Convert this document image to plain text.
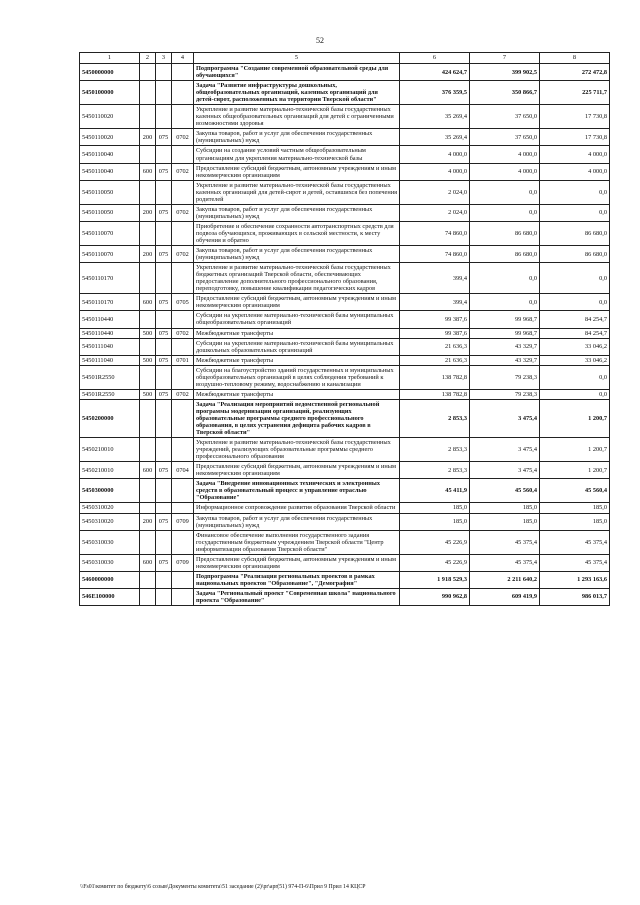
52
1	2	3	4	5	6	7	8
5450000000				Подпрограмма "Создание современной образовательной среды для обучающихся"	424 624,7	399 902,5	272 472,8
5450100000				Задача "Развитие инфраструктуры дошкольных, общеобразовательных организаций, казенных организаций для детей-сирот, расположенных на территории Тверской области"	376 359,5	350 866,7	225 711,7
5450110020				Укрепление и развитие материально-технической базы государственных казенных общеобразовательных организаций для детей с ограниченными возможностями здоровья	35 269,4	37 650,0	17 730,8
5450110020	200	075	0702	Закупка товаров, работ и услуг для обеспечения государственных (муниципальных) нужд	35 269,4	37 650,0	17 730,8
5450110040				Субсидии на создание условий частным общеобразовательным организациям для укрепления материально-технической базы	4 000,0	4 000,0	4 000,0
5450110040	600	075	0702	Предоставление субсидий бюджетным, автономным учреждениям и иным некоммерческим организациям	4 000,0	4 000,0	4 000,0
5450110050				Укрепление и развитие материально-технической базы государственных казенных организаций для детей-сирот и детей, оставшихся без попечения родителей	2 024,0	0,0	0,0
5450110050	200	075	0702	Закупка товаров, работ и услуг для обеспечения государственных (муниципальных) нужд	2 024,0	0,0	0,0
5450110070				Приобретение и обеспечение сохранности автотранспортных средств для подвоза обучающихся, проживающих в сельской местности, к месту обучения и обратно	74 860,0	86 680,0	86 680,0
5450110070	200	075	0702	Закупка товаров, работ и услуг для обеспечения государственных (муниципальных) нужд	74 860,0	86 680,0	86 680,0
5450110170				Укрепление и развитие материально-технической базы государственных бюджетных организаций Тверской области, обеспечивающих предоставление дополнительного профессионального образования, переподготовку, повышение квалификации педагогических кадров	399,4	0,0	0,0
5450110170	600	075	0705	Предоставление субсидий бюджетным, автономным учреждениям и иным некоммерческим организациям	399,4	0,0	0,0
5450110440				Субсидии на укрепление материально-технической базы муниципальных общеобразовательных организаций	99 387,6	99 968,7	84 254,7
5450110440	500	075	0702	Межбюджетные трансферты	99 387,6	99 968,7	84 254,7
5450111040				Субсидии на укрепление материально-технической базы муниципальных дошкольных образовательных организаций	21 636,3	43 329,7	33 046,2
5450111040	500	075	0701	Межбюджетные трансферты	21 636,3	43 329,7	33 046,2
54501R2550				Субсидии на благоустройство зданий государственных и муниципальных общеобразовательных организаций в целях соблюдения требований к воздушно-тепловому режиму, водоснабжению и канализации	138 782,8	79 238,3	0,0
54501R2550	500	075	0702	Межбюджетные трансферты	138 782,8	79 238,3	0,0
5450200000				Задача "Реализация мероприятий ведомственной региональной программы модернизации организаций, реализующих образовательные программы среднего профессионального образования, в целях устранения дефицита рабочих кадров в Тверской области"	2 853,3	3 475,4	1 200,7
5450210010				Укрепление и развитие материально-технической базы государственных учреждений, реализующих образовательные программы среднего профессионального образования	2 853,3	3 475,4	1 200,7
5450210010	600	075	0704	Предоставление субсидий бюджетным, автономным учреждениям и иным некоммерческим организациям	2 853,3	3 475,4	1 200,7
5450300000				Задача "Внедрение инновационных технических и электронных средств в образовательный процесс и управление отраслью "Образование"	45 411,9	45 560,4	45 560,4
5450310020				Информационное сопровождение развития образования Тверской области	185,0	185,0	185,0
5450310020	200	075	0709	Закупка товаров, работ и услуг для обеспечения государственных (муниципальных) нужд	185,0	185,0	185,0
5450310030				Финансовое обеспечение выполнения государственного задания государственным бюджетным учреждением Тверской области "Центр информатизации образования Тверской области"	45 226,9	45 375,4	45 375,4
5450310030	600	075	0709	Предоставление субсидий бюджетным, автономным учреждениям и иным некоммерческим организациям	45 226,9	45 375,4	45 375,4
5460000000				Подпрограмма "Реализация региональных проектов в рамках национальных проектов "Образование", "Демография"	1 918 529,3	2 211 640,2	1 293 163,6
546E100000				Задача "Региональный проект "Современная школа" национального проекта "Образование"	990 962,8	609 419,9	986 013,7
\\Fs01\комитет по бюджету\6 созыв\Документы комитета\51 заседание (2)\pr\apr(51) 974-П-6\Прил 9 Прил 14 КЦСР
